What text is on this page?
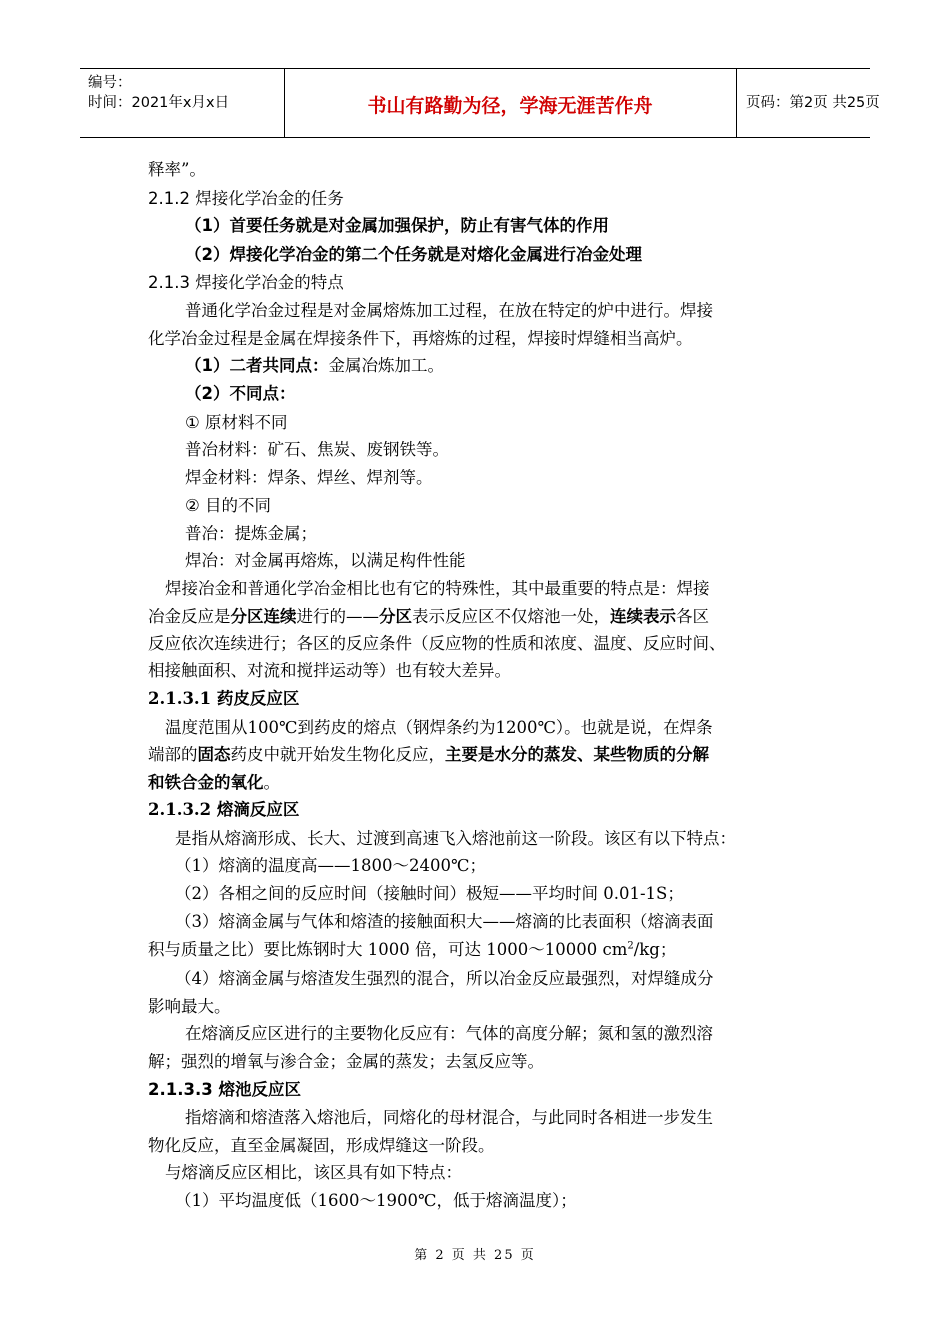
编号：
时间：2021年x月x日	书山有路勤为径，学海无涯苦作舟	页码：第2页 共25页
释率”。
2.1.2 焊接化学冶金的任务
（1）首要任务就是对金属加强保护，防止有害气体的作用
（2）焊接化学冶金的第二个任务就是对熔化金属进行冶金处理
2.1.3 焊接化学冶金的特点
普通化学冶金过程是对金属熔炼加工过程，在放在特定的炉中进行。焊接
化学冶金过程是金属在焊接条件下，再熔炼的过程，焊接时焊缝相当高炉。
（1）二者共同点：金属冶炼加工。
（2）不同点：
① 原材料不同
普冶材料：矿石、焦炭、废钢铁等。
焊金材料：焊条、焊丝、焊剂等。
② 目的不同
普冶：提炼金属；
焊冶：对金属再熔炼，以满足构件性能
焊接冶金和普通化学冶金相比也有它的特殊性，其中最重要的特点是：焊接
冶金反应是分区连续进行的——分区表示反应区不仅熔池一处，连续表示各区
反应依次连续进行；各区的反应条件（反应物的性质和浓度、温度、反应时间、
相接触面积、对流和搅拌运动等）也有较大差异。
2.1.3.1 药皮反应区
温度范围从100℃到药皮的熔点（钢焊条约为1200℃）。也就是说，在焊条
端部的固态药皮中就开始发生物化反应，主要是水分的蒸发、某些物质的分解
和铁合金的氧化。
2.1.3.2 熔滴反应区
是指从熔滴形成、长大、过渡到高速飞入熔池前这一阶段。该区有以下特点：
（1）熔滴的温度高——1800～2400℃；
（2）各相之间的反应时间（接触时间）极短——平均时间 0.01-1S；
（3）熔滴金属与气体和熔渣的接触面积大——熔滴的比表面积（熔滴表面
积与质量之比）要比炼钢时大 1000 倍，可达 1000～10000 $cm^2/kg$；
（4）熔滴金属与熔渣发生强烈的混合，所以冶金反应最强烈，对焊缝成分
影响最大。
在熔滴反应区进行的主要物化反应有：气体的高度分解；氮和氢的激烈溶
解；强烈的增氧与渗合金；金属的蒸发；去氢反应等。
2.1.3.3 熔池反应区
指熔滴和熔渣落入熔池后，同熔化的母材混合，与此同时各相进一步发生
物化反应，直至金属凝固，形成焊缝这一阶段。
与熔滴反应区相比，该区具有如下特点：
（1）平均温度低（1600～1900℃，低于熔滴温度）；
第 2 页 共 25 页
